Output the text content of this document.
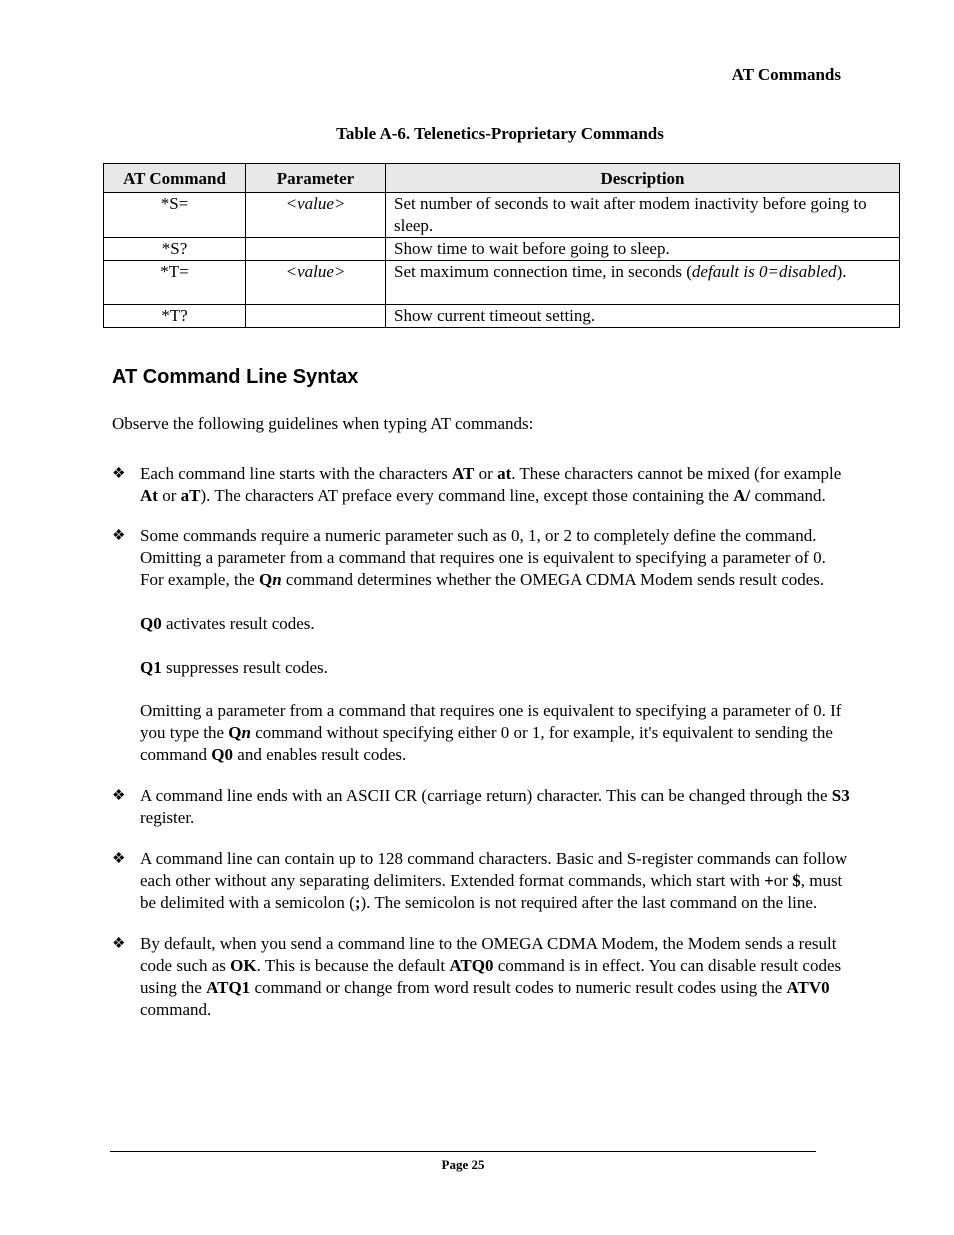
AT Commands
Table A-6. Telenetics-Proprietary Commands
AT Command	Parameter	Description
*S=	<value>	Set number of seconds to wait after modem inactivity before going to sleep.
*S?		Show time to wait before going to sleep.
*T=	<value>	Set maximum connection time, in seconds (default is 0=disabled).
*T?		Show current timeout setting.
AT Command Line Syntax

Observe the following guidelines when typing AT commands:

❖ Each command line starts with the characters AT or at. These characters cannot be mixed (for example At or aT). The characters AT preface every command line, except those containing the A/ command.

❖ Some commands require a numeric parameter such as 0, 1, or 2 to completely define the command. Omitting a parameter from a command that requires one is equivalent to specifying a parameter of 0. For example, the Qn command determines whether the OMEGA CDMA Modem sends result codes.

Q0 activates result codes.

Q1 suppresses result codes.

Omitting a parameter from a command that requires one is equivalent to specifying a parameter of 0. If you type the Qn command without specifying either 0 or 1, for example, it's equivalent to sending the command Q0 and enables result codes.

❖ A command line ends with an ASCII CR (carriage return) character. This can be changed through the S3 register.

❖ A command line can contain up to 128 command characters. Basic and S-register commands can follow each other without any separating delimiters. Extended format commands, which start with +or $, must be delimited with a semicolon (;). The semicolon is not required after the last command on the line.

❖ By default, when you send a command line to the OMEGA CDMA Modem, the Modem sends a result code such as OK. This is because the default ATQ0 command is in effect. You can disable result codes using the ATQ1 command or change from word result codes to numeric result codes using the ATV0 command.

Page 25
